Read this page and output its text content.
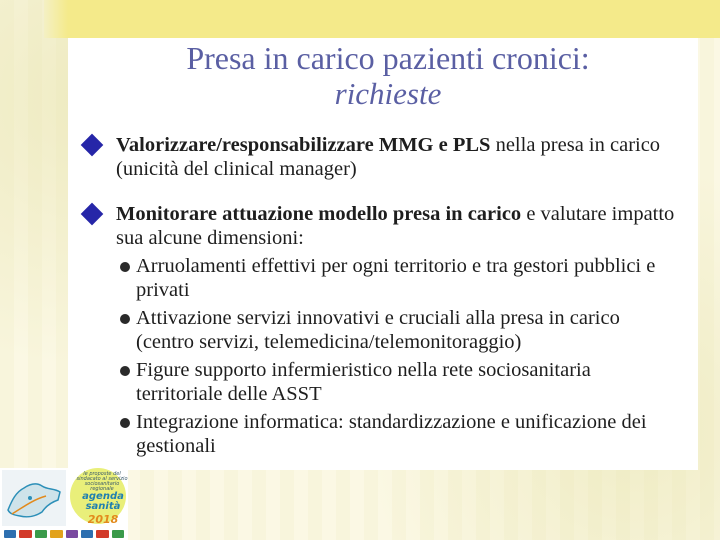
Presa in carico pazienti cronici:
richieste
Valorizzare/responsabilizzare MMG e PLS nella presa in carico (unicità del clinical manager)
Monitorare attuazione modello presa in carico e valutare impatto sua alcune dimensioni:
Arruolamenti effettivi per ogni territorio e tra gestori pubblici e privati
Attivazione servizi innovativi e cruciali alla presa in carico (centro servizi, telemedicina/telemonitoraggio)
Figure supporto infermieristico nella rete sociosanitaria territoriale delle ASST
Integrazione informatica: standardizzazione e unificazione dei gestionali
le proposte del sindacato al servizio sociosanitario regionale
agenda sanità
2018
